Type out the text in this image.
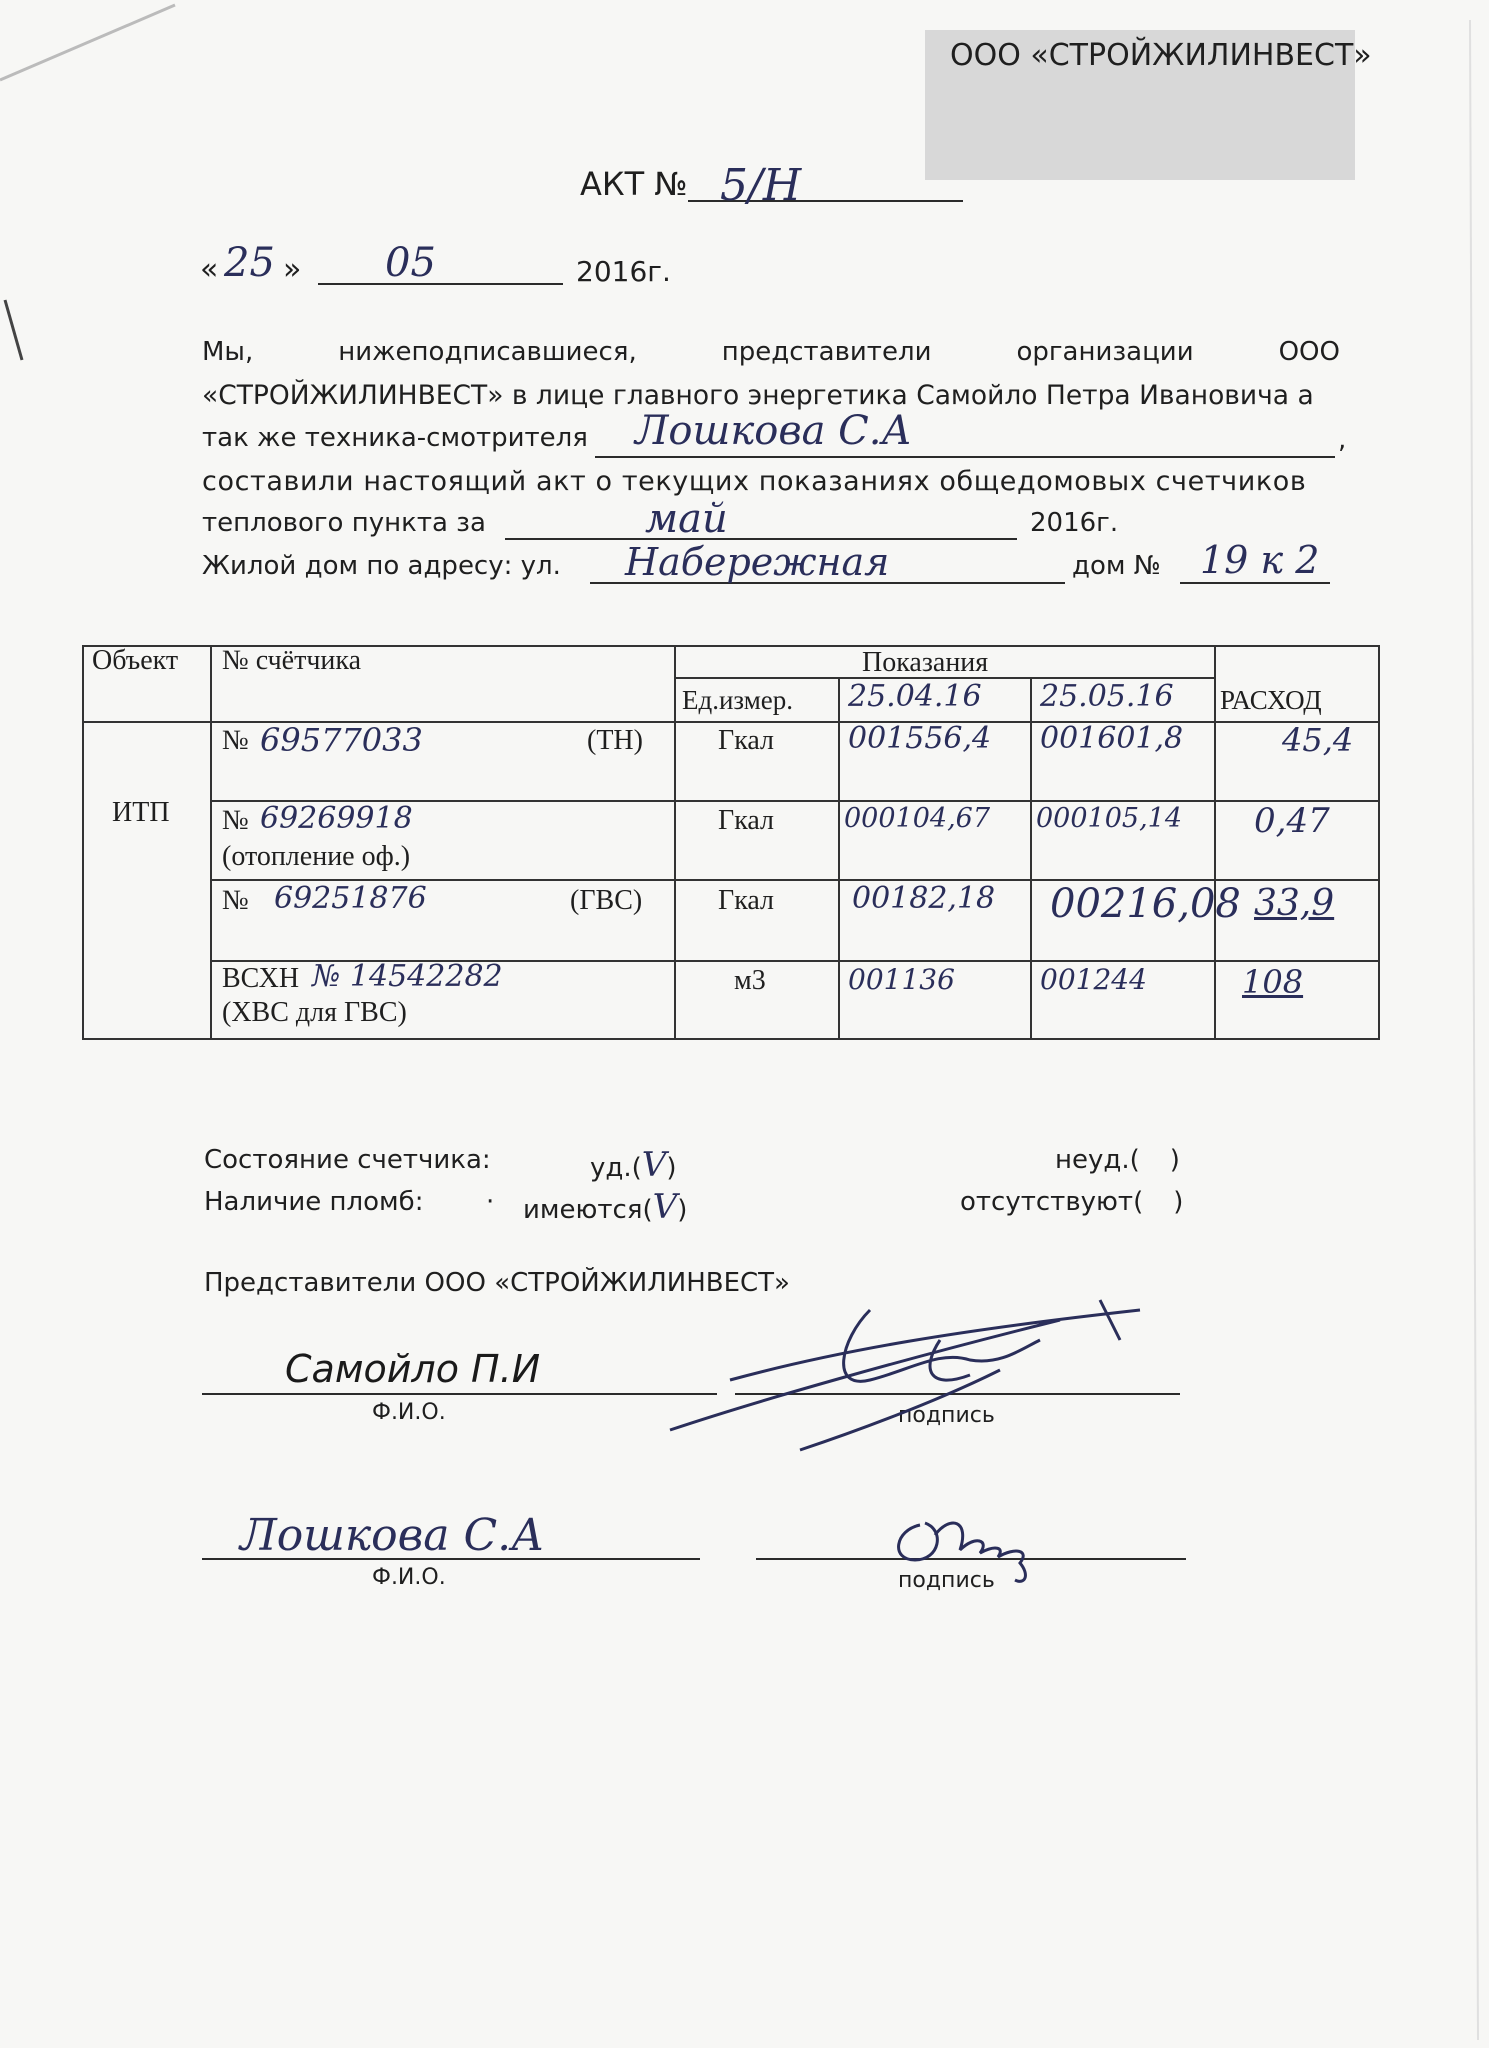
ООО «СТРОЙЖИЛИНВЕСТ»
АКТ № 5/Н
« 25 » 05	2016г.
Мы,	нижеподписавшиеся,	представители	организации	ООО
«СТРОЙЖИЛИНВЕСТ» в лице главного энергетика Самойло Петра Ивановича а
так же техника-смотрителя Лошкова С.А	,
составили настоящий акт о текущих показаниях общедомовых счетчиков
теплового пункта за	май	2016г.
Жилой дом по адресу: ул. Набережная	дом № 19 к 2
Объект № счётчика	Показания
Ед.измер. 25.04.16 25.05.16 РАСХОД
ИТП
№ 69577033	(ТН)	Гкал 001556,4 001601,8	45,4
№ 69269918
(отопление оф.)
Гкал	000104,67 000105,14 0,47
№ 69251876	(ГВС)	Гкал	00182,18 00216,08 33,9
ВСХН № 14542282
(ХВС для ГВС)
м3	001136	001244	108
Состояние счетчика:	уд.(V)	неуд.( )
Наличие пломб: · имеются(V)	отсутствуют( )
Представители ООО «СТРОЙЖИЛИНВЕСТ»
Самойло П.И
Ф.И.О.	подпись
Лошкова С.А
Ф.И.О.	подпись
